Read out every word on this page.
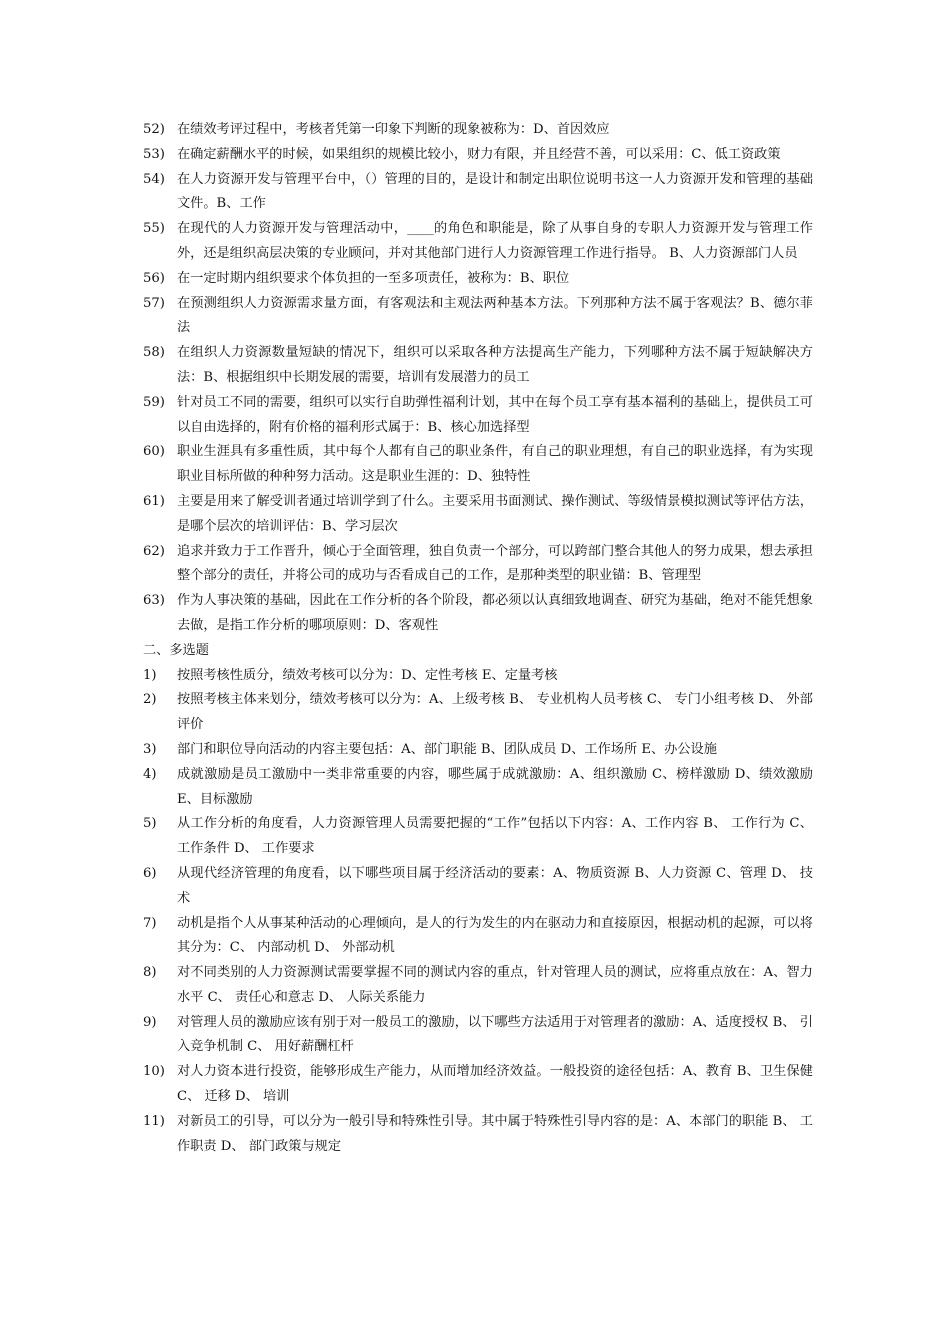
52) 在绩效考评过程中，考核者凭第一印象下判断的现象被称为：D、首因效应
53) 在确定薪酬水平的时候，如果组织的规模比较小，财力有限，并且经营不善，可以采用：C、低工资政策
54) 在人力资源开发与管理平台中，（）管理的目的，是设计和制定出职位说明书这一人力资源开发和管理的基础文件。B、工作
55) 在现代的人力资源开发与管理活动中，____的角色和职能是，除了从事自身的专职人力资源开发与管理工作外，还是组织高层决策的专业顾问，并对其他部门进行人力资源管理工作进行指导。 B、人力资源部门人员
56) 在一定时期内组织要求个体负担的一至多项责任，被称为：B、职位
57) 在预测组织人力资源需求量方面，有客观法和主观法两种基本方法。下列那种方法不属于客观法？B、德尔菲法
58) 在组织人力资源数量短缺的情况下，组织可以采取各种方法提高生产能力，下列哪种方法不属于短缺解决方法：B、根据组织中长期发展的需要，培训有发展潜力的员工
59) 针对员工不同的需要，组织可以实行自助弹性福利计划，其中在每个员工享有基本福利的基础上，提供员工可以自由选择的，附有价格的福利形式属于：B、核心加选择型
60) 职业生涯具有多重性质，其中每个人都有自己的职业条件，有自己的职业理想，有自己的职业选择，有为实现职业目标所做的种种努力活动。这是职业生涯的：D、独特性
61) 主要是用来了解受训者通过培训学到了什么。主要采用书面测试、操作测试、等级情景模拟测试等评估方法，是哪个层次的培训评估：B、学习层次
62) 追求并致力于工作晋升，倾心于全面管理，独自负责一个部分，可以跨部门整合其他人的努力成果，想去承担整个部分的责任，并将公司的成功与否看成自己的工作，是那种类型的职业锚：B、管理型
63) 作为人事决策的基础，因此在工作分析的各个阶段，都必须以认真细致地调查、研究为基础，绝对不能凭想象去做，是指工作分析的哪项原则：D、客观性
二、多选题
1)	按照考核性质分，绩效考核可以分为：D、定性考核 E、定量考核
2)	按照考核主体来划分，绩效考核可以分为：A、上级考核 B、 专业机构人员考核 C、 专门小组考核 D、 外部评价
3)	部门和职位导向活动的内容主要包括：A、部门职能 B、团队成员 D、工作场所 E、办公设施
4)	成就激励是员工激励中一类非常重要的内容，哪些属于成就激励：A、组织激励 C、榜样激励 D、绩效激励 E、目标激励
5)	从工作分析的角度看，人力资源管理人员需要把握的“工作”包括以下内容：A、工作内容 B、 工作行为 C、 工作条件 D、 工作要求
6)	从现代经济管理的角度看，以下哪些项目属于经济活动的要素：A、物质资源 B、人力资源 C、管理 D、 技术
7)	动机是指个人从事某种活动的心理倾向，是人的行为发生的内在驱动力和直接原因，根据动机的起源，可以将其分为：C、 内部动机 D、 外部动机
8)	对不同类别的人力资源测试需要掌握不同的测试内容的重点，针对管理人员的测试，应将重点放在：A、智力水平 C、 责任心和意志 D、 人际关系能力
9)	对管理人员的激励应该有别于对一般员工的激励，以下哪些方法适用于对管理者的激励：A、适度授权 B、 引入竞争机制 C、 用好薪酬杠杆
10) 对人力资本进行投资，能够形成生产能力，从而增加经济效益。一般投资的途径包括：A、教育 B、卫生保健 C、 迁移 D、 培训
11) 对新员工的引导，可以分为一般引导和特殊性引导。其中属于特殊性引导内容的是：A、本部门的职能 B、 工作职责 D、 部门政策与规定
